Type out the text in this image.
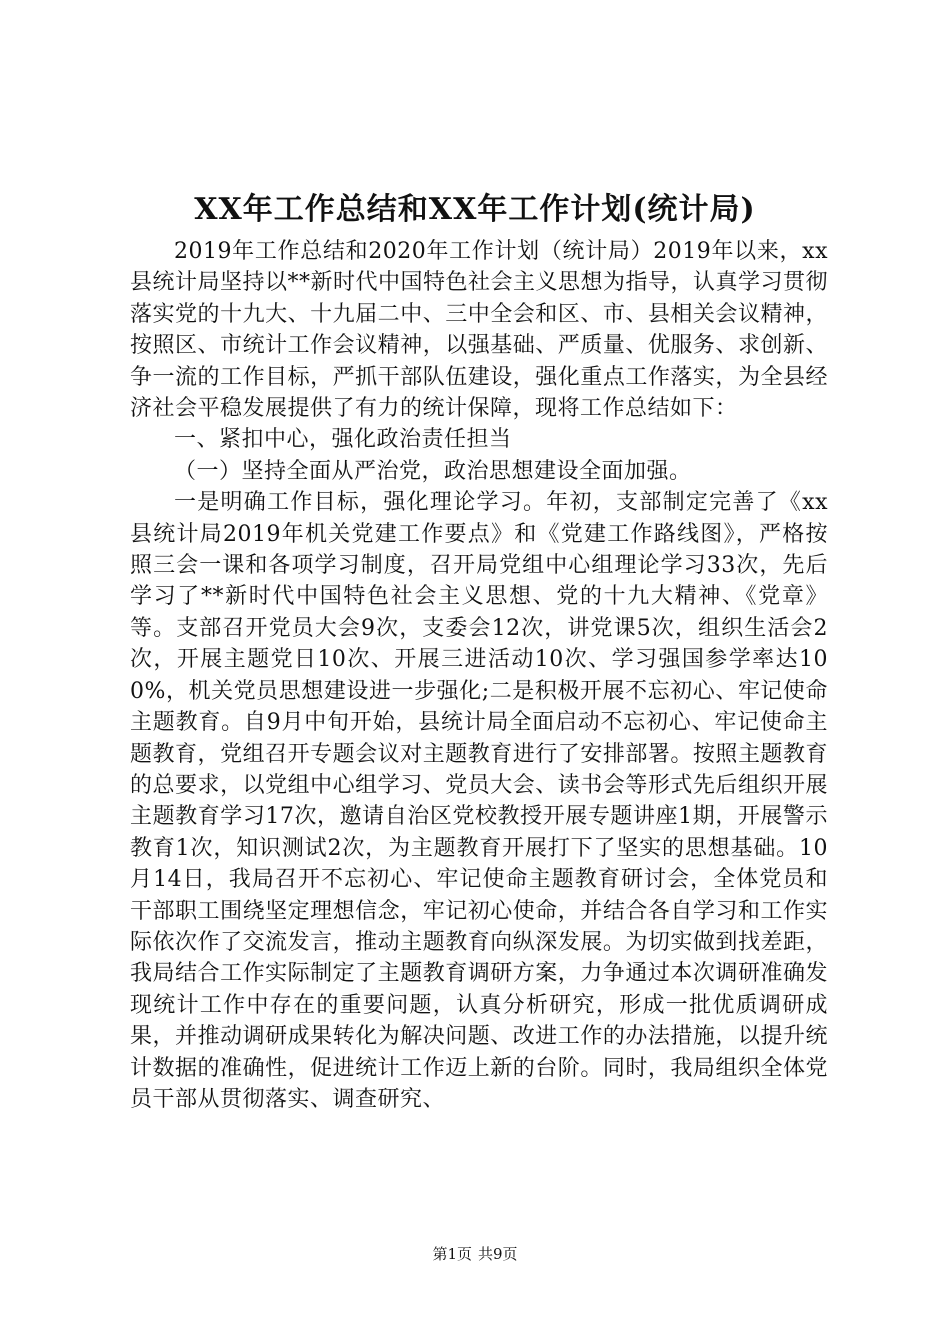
XX年工作总结和XX年工作计划(统计局)

2019年工作总结和2020年工作计划（统计局）2019年以来，xx县统计局坚持以**新时代中国特色社会主义思想为指导，认真学习贯彻落实党的十九大、十九届二中、三中全会和区、市、县相关会议精神，按照区、市统计工作会议精神，以强基础、严质量、优服务、求创新、争一流的工作目标，严抓干部队伍建设，强化重点工作落实，为全县经济社会平稳发展提供了有力的统计保障，现将工作总结如下：

一、紧扣中心，强化政治责任担当

（一）坚持全面从严治党，政治思想建设全面加强。

一是明确工作目标，强化理论学习。年初，支部制定完善了《xx县统计局2019年机关党建工作要点》和《党建工作路线图》，严格按照三会一课和各项学习制度，召开局党组中心组理论学习33次，先后学习了**新时代中国特色社会主义思想、党的十九大精神、《党章》等。支部召开党员大会9次，支委会12次，讲党课5次，组织生活会2次，开展主题党日10次、开展三进活动10次、学习强国参学率达100%，机关党员思想建设进一步强化;二是积极开展不忘初心、牢记使命主题教育。自9月中旬开始，县统计局全面启动不忘初心、牢记使命主题教育，党组召开专题会议对主题教育进行了安排部署。按照主题教育的总要求，以党组中心组学习、党员大会、读书会等形式先后组织开展主题教育学习17次，邀请自治区党校教授开展专题讲座1期，开展警示教育1次，知识测试2次，为主题教育开展打下了坚实的思想基础。10月14日，我局召开不忘初心、牢记使命主题教育研讨会，全体党员和干部职工围绕坚定理想信念，牢记初心使命，并结合各自学习和工作实际依次作了交流发言，推动主题教育向纵深发展。为切实做到找差距，我局结合工作实际制定了主题教育调研方案，力争通过本次调研准确发现统计工作中存在的重要问题，认真分析研究，形成一批优质调研成果，并推动调研成果转化为解决问题、改进工作的办法措施，以提升统计数据的准确性，促进统计工作迈上新的台阶。同时，我局组织全体党员干部从贯彻落实、调查研究、

第1页 共9页
